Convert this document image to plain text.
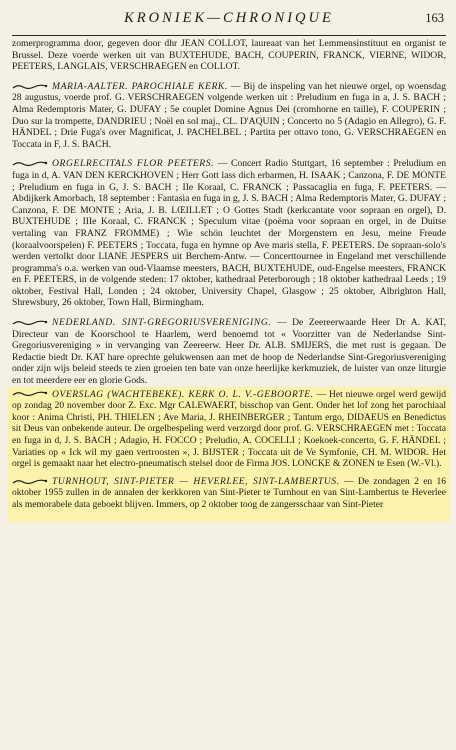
KRONIEK—CHRONIQUE	163

zomerprogramma door, gegeven door dhr JEAN COLLOT, laureaat van het Lemmensinstituut en organist te Brussel. Deze voerde werken uit van BUXTEHUDE, BACH, COUPERIN, FRANCK, VIERNE, WIDOR, PEETERS, LANGLAIS, VERSCHRAEGEN en COLLOT.

MARIA-AALTER. PAROCHIALE KERK. — Bij de inspeling van het nieuwe orgel, op woensdag 28 augustus, voerde prof. G. VERSCHRAEGEN volgende werken uit : Preludium en fuga in a, J. S. BACH ; Alma Redemptoris Mater, G. DUFAY ; 5e couplet Domine Agnus Dei (cromhorne en taille), F. COUPERIN ; Duo sur la trompette, DANDRIEU ; Noël en sol maj., CL. D'AQUIN ; Concerto no 5 (Adagio en Allegro), G. F. HÄNDEL ; Drie Fuga's over Magnificat, J. PACHELBEL ; Partita per ottavo tono, G. VERSCHRAEGEN en Toccata in F, J. S. BACH.

ORGELRECITALS FLOR PEETERS. — Concert Radio Stuttgart, 16 september : Preludium en fuga in d, A. VAN DEN KERCKHOVEN ; Herr Gott lass dich erbarmen, H. ISAAK ; Canzona, F. DE MONTE ; Preludium en fuga in G, J. S. BACH ; IIe Koraal, C. FRANCK ; Passacaglia en fuga, F. PEETERS. — Abdijkerk Amorbach, 18 september : Fantasia en fuga in g, J. S. BACH ; Alma Redemptoris Mater, G. DUFAY ; Canzona, F. DE MONTE ; Aria, J. B. LŒILLET ; O Gottes Stadt (kerkcantate voor sopraan en orgel), D. BUXTEHUDE ; IIIe Koraal, C. FRANCK ; Speculum vitae (poëma voor sopraan en orgel, in de Duitse vertaling van FRANZ FROMME) ; Wie schön leuchtet der Morgenstern en Jesu, meine Freude (koraalvoorspelen) F. PEETERS ; Toccata, fuga en hymne op Ave maris stella, F. PEETERS. De sopraan-solo's werden vertolkt door LIANE JESPERS uit Berchem-Antw. — Concerttournee in Engeland met verschillende programma's o.a. werken van oud-Vlaamse meesters, BACH, BUXTEHUDE, oud-Engelse meesters, FRANCK en F. PEETERS, in de volgende steden: 17 oktober, kathedraal Peterborough ; 18 oktober kathedraal Leeds ; 19 oktober, Festival Hall, Londen ; 24 oktober, University Chapel, Glasgow ; 25 oktober, Albrighton Hall, Shrewsbury, 26 oktober, Town Hall, Birmingham.

NEDERLAND. SINT-GREGORIUSVERENIGING. — De Zeereerwaarde Heer Dr A. KAT, Directeur van de Koorschool te Haarlem, werd benoemd tot « Voorzitter van de Nederlandse Sint-Gregoriusvereniging » in vervanging van Zeereerw. Heer Dr. ALB. SMIJERS, die met rust is gegaan. De Redactie biedt Dr. KAT hare oprechte gelukwensen aan met de hoop de Nederlandse Sint-Gregoriusvereniging onder zijn wijs beleid steeds te zien groeien ten bate van onze heerlijke kerkmuziek, de luister van onze liturgie en tot meerdere eer en glorie Gods.

OVERSLAG (WACHTEBEKE). KERK O. L. V.-GEBOORTE. — Het nieuwe orgel werd gewijd op zondag 20 november door Z. Exc. Mgr CALEWAERT, bisschop van Gent. Onder het lof zong het parochiaal koor : Anima Christi, PH. THIELEN ; Ave Maria, J. RHEINBERGER ; Tantum ergo, DIDAEUS en Benedictus sit Deus van onbekende auteur. De orgelbespeling werd verzorgd door prof. G. VERSCHRAEGEN met : Toccata en fuga in d, J. S. BACH ; Adagio, H. FOCCO ; Preludio, A. COCELLI ; Koekoek-concerto, G. F. HÄNDEL ; Variaties op « Ick wil my gaen vertroosten », J. BIJSTER ; Toccata uit de Ve Symfonie, CH. M. WIDOR. Het orgel is gemaakt naar het electro-pneumatisch stelsel door de Firma JOS. LONCKE & ZONEN te Esen (W.-Vl.).

TURNHOUT, SINT-PIETER — HEVERLEE, SINT-LAMBERTUS. — De zondagen 2 en 16 oktober 1955 zullen in de annalen der kerkkoren van Sint-Pieter te Turnhout en van Sint-Lambertus te Heverlee als memorabele data geboekt blijven. Immers, op 2 oktober toog de zangersschaar van Sint-Pieter
